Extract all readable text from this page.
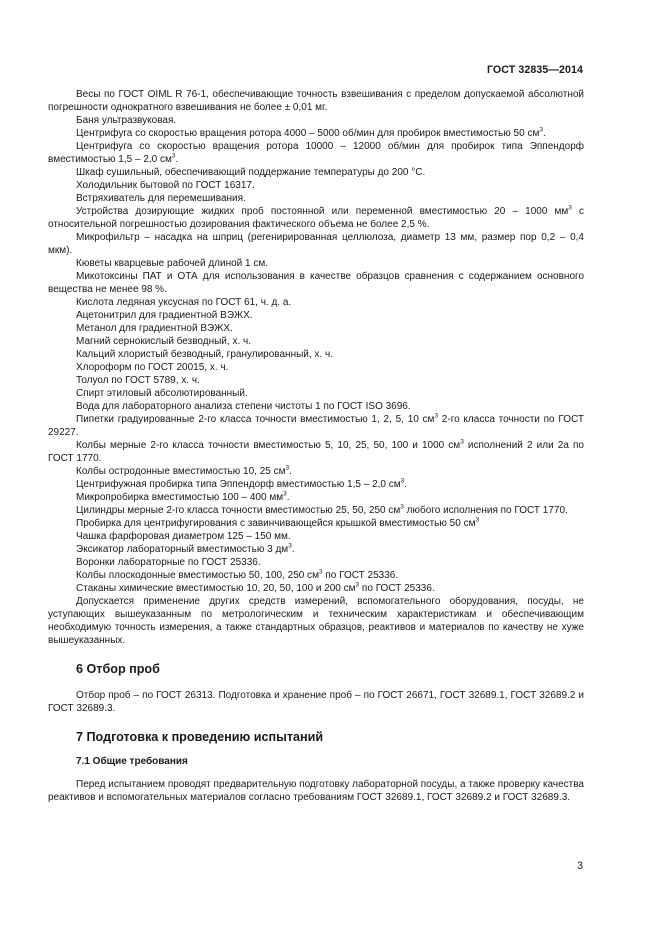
ГОСТ 32835—2014

Весы по ГОСТ OIML R 76-1, обеспечивающие точность взвешивания с пределом допускаемой абсолютной погрешности однократного взвешивания не более ± 0,01 мг.

Баня ультразвуковая.

Центрифуга со скоростью вращения ротора 4000 – 5000 об/мин для пробирок вместимостью 50 $см^3$.

Центрифуга со скоростью вращения ротора 10000 – 12000 об/мин для пробирок типа Эппендорф вместимостью 1,5 – 2,0 $см^3$.

Шкаф сушильный, обеспечивающий поддержание температуры до 200 °С.

Холодильник бытовой по ГОСТ 16317.

Встряхиватель для перемешивания.

Устройства дозирующие жидких проб постоянной или переменной вместимостью 20 – 1000 $мм^3$ с относительной погрешностью дозирования фактического объема не более 2,5 %.

Микрофильтр – насадка на шприц (регенирированная целлюлоза, диаметр 13 мм, размер пор 0,2 – 0,4 мкм).

Кюветы кварцевые рабочей длиной 1 см.

Микотоксины ПАТ и ОТА для использования в качестве образцов сравнения с содержанием основного вещества не менее 98 %.

Кислота ледяная уксусная по ГОСТ 61, ч. д. а.

Ацетонитрил для градиентной ВЭЖХ.

Метанол для градиентной ВЭЖХ.

Магний сернокислый безводный, х. ч.

Кальций хлористый безводный, гранулированный, х. ч.

Хлороформ по ГОСТ 20015, х. ч.

Толуол по ГОСТ 5789, х. ч.

Спирт этиловый абсолютированный.

Вода для лабораторного анализа степени чистоты 1 по ГОСТ ISO 3696.

Пипетки градуированные 2-го класса точности вместимостью 1, 2, 5, 10 $см^3$ 2-го класса точности по ГОСТ 29227.

Колбы мерные 2-го класса точности вместимостью 5, 10, 25, 50, 100 и 1000 $см^3$ исполнений 2 или 2а по ГОСТ 1770.

Колбы остродонные вместимостью 10, 25 $см^3$.

Центрифужная пробирка типа Эппендорф вместимостью 1,5 – 2,0 $см^3$.

Микропробирка вместимостью 100 – 400 $мм^3$.

Цилиндры мерные 2-го класса точности вместимостью 25, 50, 250 $см^3$ любого исполнения по ГОСТ 1770.

Пробирка для центрифугирования с завинчивающейся крышкой вместимостью 50 $см^3$

Чашка фарфоровая диаметром 125 – 150 мм.

Эксикатор лабораторный вместимостью 3 $дм^3$.

Воронки лабораторные по ГОСТ 25336.

Колбы плоскодонные вместимостью 50, 100, 250 $см^3$ по ГОСТ 25336.

Стаканы химические вместимостью 10, 20, 50, 100 и 200 $см^3$ по ГОСТ 25336.

Допускается применение других средств измерений, вспомогательного оборудования, посуды, не уступающих вышеуказанным по метрологическим и техническим характеристикам и обеспечивающим необходимую точность измерения, а также стандартных образцов, реактивов и материалов по качеству не хуже вышеуказанных.

6 Отбор проб

Отбор проб – по ГОСТ 26313. Подготовка и хранение проб – по ГОСТ 26671, ГОСТ 32689.1, ГОСТ 32689.2 и ГОСТ 32689.3.

7 Подготовка к проведению испытаний
7.1 Общие требования

Перед испытанием проводят предварительную подготовку лабораторной посуды, а также проверку качества реактивов и вспомогательных материалов согласно требованиям ГОСТ 32689.1, ГОСТ 32689.2 и ГОСТ 32689.3.

3
